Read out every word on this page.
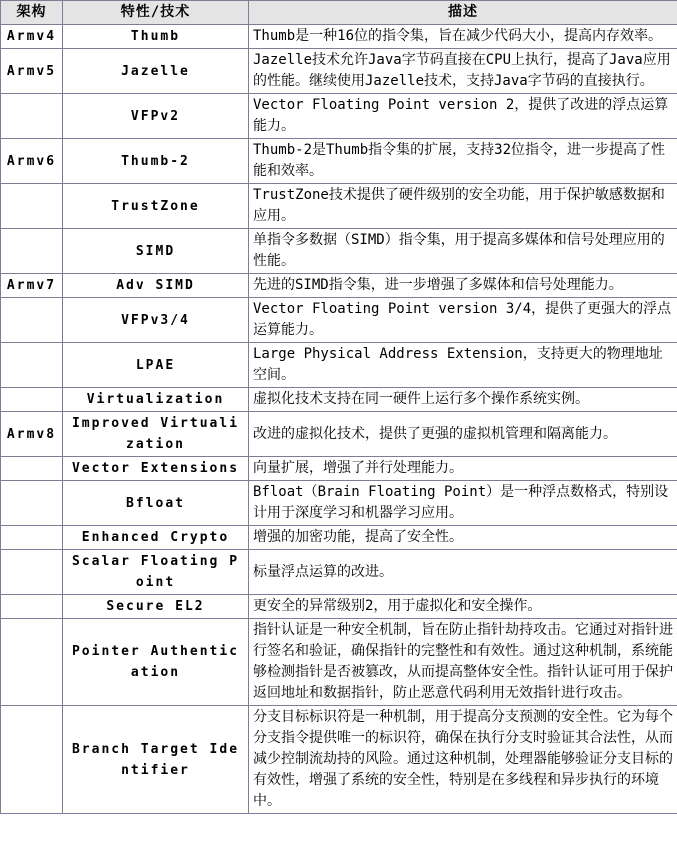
架构	特性/技术	描述
Armv4	Thumb	Thumb是一种16位的指令集，旨在减少代码大小，提高内存效率。
Armv5	Jazelle	Jazelle技术允许Java字节码直接在CPU上执行，提高了Java应用的性能。继续使用Jazelle技术，支持Java字节码的直接执行。
	VFPv2	Vector Floating Point version 2，提供了改进的浮点运算能力。
Armv6	Thumb-2	Thumb-2是Thumb指令集的扩展，支持32位指令，进一步提高了性能和效率。
	TrustZone	TrustZone技术提供了硬件级别的安全功能，用于保护敏感数据和应用。
	SIMD	单指令多数据（SIMD）指令集，用于提高多媒体和信号处理应用的性能。
Armv7	Adv SIMD	先进的SIMD指令集，进一步增强了多媒体和信号处理能力。
	VFPv3/4	Vector Floating Point version 3/4，提供了更强大的浮点运算能力。
	LPAE	Large Physical Address Extension，支持更大的物理地址空间。
	Virtualization	虚拟化技术支持在同一硬件上运行多个操作系统实例。
Armv8	Improved Virtualization	改进的虚拟化技术，提供了更强的虚拟机管理和隔离能力。
	Vector Extensions	向量扩展，增强了并行处理能力。
	Bfloat	Bfloat（Brain Floating Point）是一种浮点数格式，特别设计用于深度学习和机器学习应用。
	Enhanced Crypto	增强的加密功能，提高了安全性。
	Scalar Floating Point	标量浮点运算的改进。
	Secure EL2	更安全的异常级别2，用于虚拟化和安全操作。
	Pointer Authentication	指针认证是一种安全机制，旨在防止指针劫持攻击。它通过对指针进行签名和验证，确保指针的完整性和有效性。通过这种机制，系统能够检测指针是否被篡改，从而提高整体安全性。指针认证可用于保护返回地址和数据指针，防止恶意代码利用无效指针进行攻击。
	Branch Target Identifier	分支目标标识符是一种机制，用于提高分支预测的安全性。它为每个分支指令提供唯一的标识符，确保在执行分支时验证其合法性，从而减少控制流劫持的风险。通过这种机制，处理器能够验证分支目标的有效性，增强了系统的安全性，特别是在多线程和异步执行的环境中。
